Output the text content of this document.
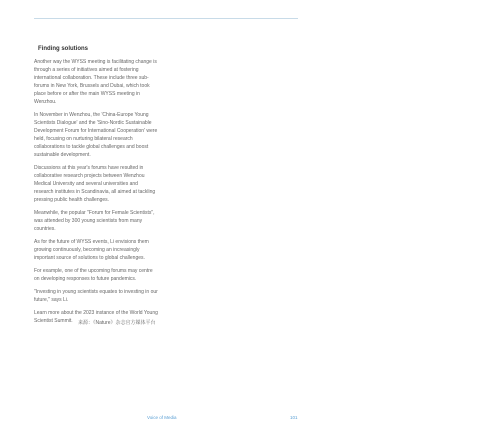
Finding solutions

Another way the WYSS meeting is facilitating change is through a series of initiatives aimed at fostering international collaboration. These include three sub-forums in New York, Brussels and Dubai, which took place before or after the main WYSS meeting in Wenzhou.

In November in Wenzhou, the 'China-Europe Young Scientists Dialogue' and the 'Sino-Nordic Sustainable Development Forum for International Cooperation' were held, focusing on nurturing bilateral research collaborations to tackle global challenges and boost sustainable development.

Discussions at this year's forums have resulted in collaborative research projects between Wenzhou Medical University and several universities and research institutes in Scandinavia, all aimed at tackling pressing public health challenges.

Meanwhile, the popular "Forum for Female Scientists", was attended by 300 young scientists from many countries.

As for the future of WYSS events, Li envisions them growing continuously, becoming an increasingly important source of solutions to global challenges.

For example, one of the upcoming forums may centre on developing responses to future pandemics.

"Investing in young scientists equates to investing in our future," says Li.

Learn more about the 2023 instance of the World Young Scientist Summit.	来源：《Nature》杂志官方媒体平台
Voice of Media	101
